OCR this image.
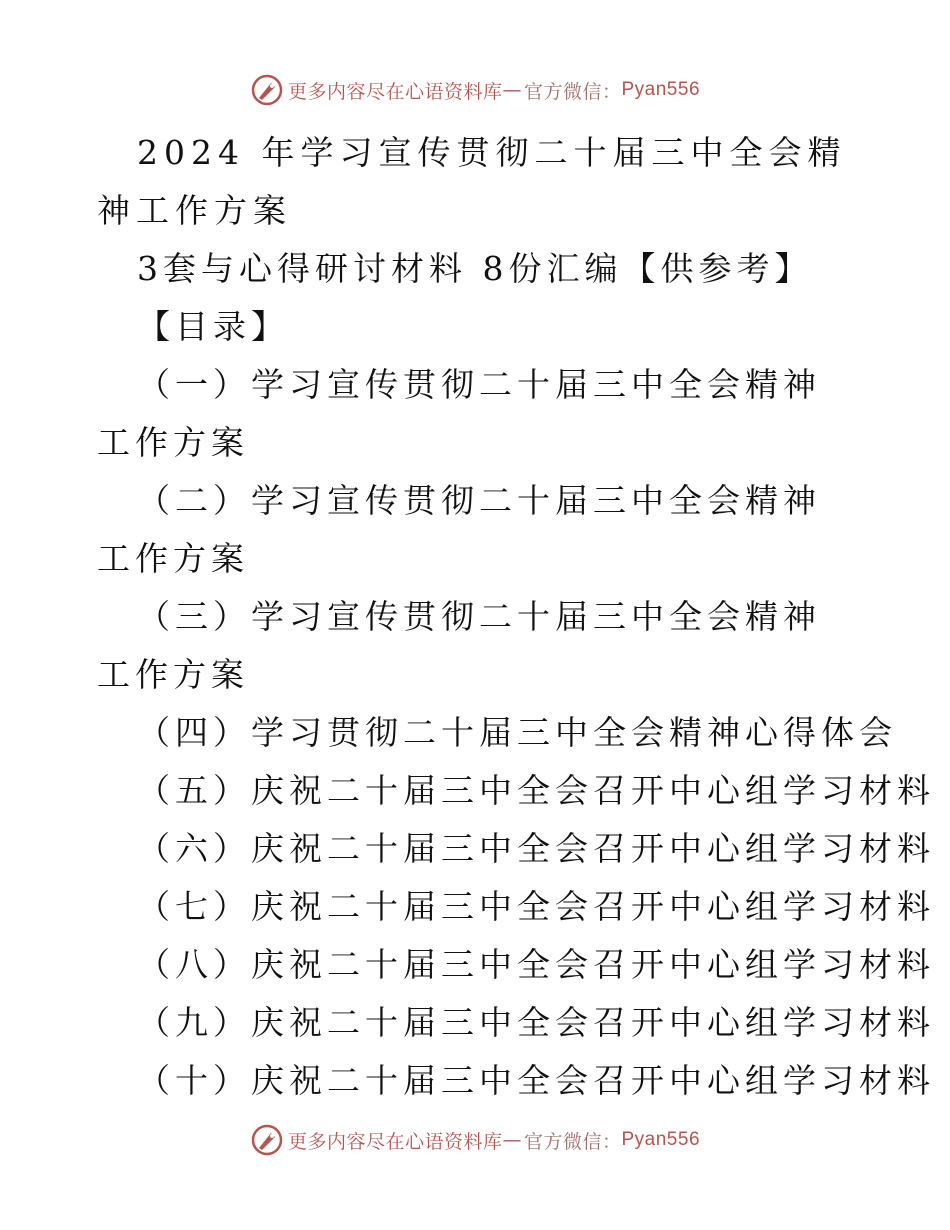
更多内容尽在心语资料库 — 官方微信： Pyan556
2024 年学习宣传贯彻二十届三中全会精神工作方案
3套与心得研讨材料 8份汇编【供参考】
【目录】
（一）学习宣传贯彻二十届三中全会精神工作方案
（二）学习宣传贯彻二十届三中全会精神工作方案
（三）学习宣传贯彻二十届三中全会精神工作方案
（四）学习贯彻二十届三中全会精神心得体会
（五）庆祝二十届三中全会召开中心组学习材料
（六）庆祝二十届三中全会召开中心组学习材料
（七）庆祝二十届三中全会召开中心组学习材料
（八）庆祝二十届三中全会召开中心组学习材料
（九）庆祝二十届三中全会召开中心组学习材料
（十）庆祝二十届三中全会召开中心组学习材料
更多内容尽在心语资料库 — 官方微信： Pyan556
